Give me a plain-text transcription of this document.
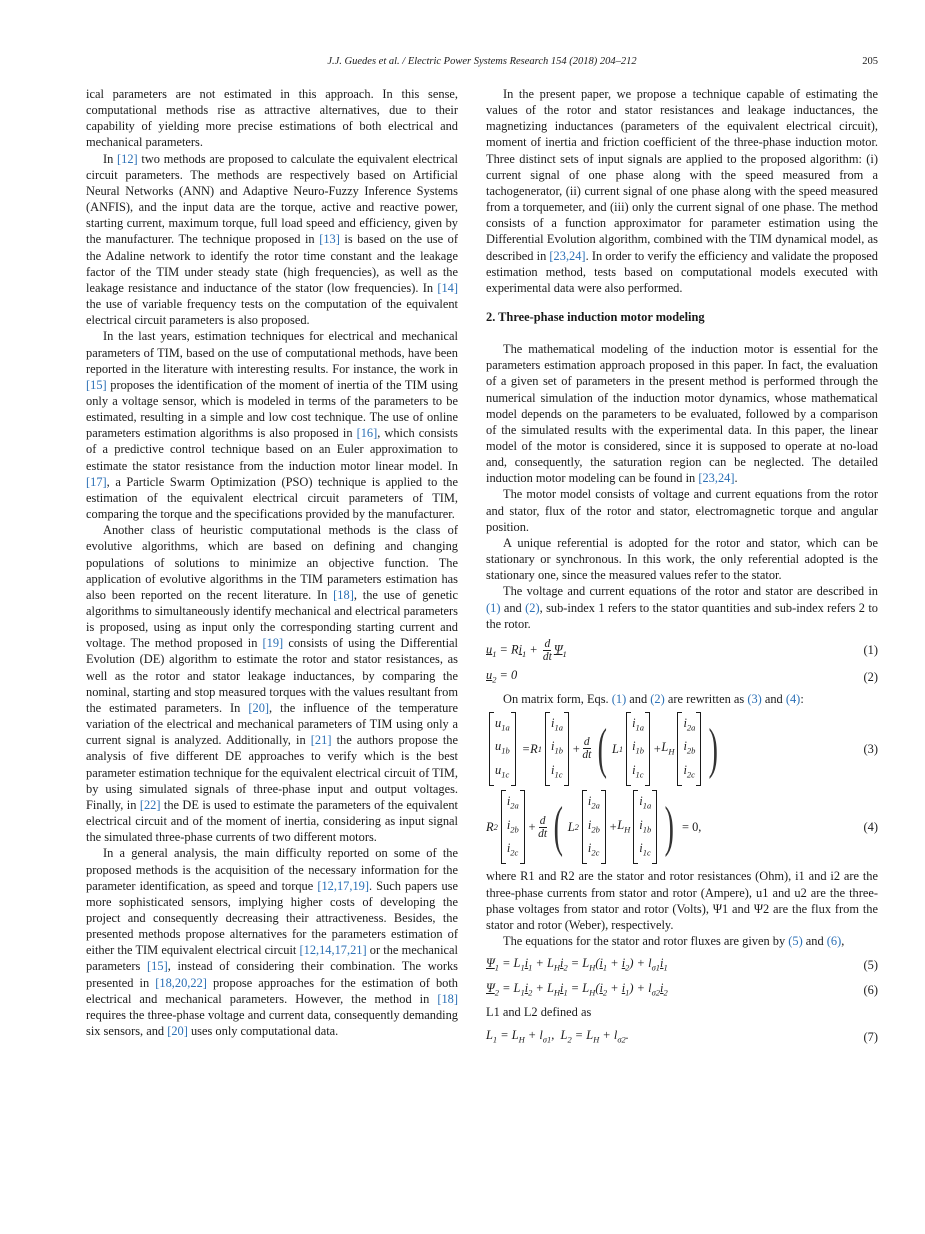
J.J. Guedes et al. / Electric Power Systems Research 154 (2018) 204–212	205

ical parameters are not estimated in this approach. In this sense, computational methods rise as attractive alternatives, due to their capability of yielding more precise estimations of both electrical and mechanical parameters.

In [12] two methods are proposed to calculate the equivalent electrical circuit parameters. The methods are respectively based on Artificial Neural Networks (ANN) and Adaptive Neuro-Fuzzy Inference Systems (ANFIS), and the input data are the torque, active and reactive power, starting current, maximum torque, full load speed and efficiency, given by the manufacturer. The technique proposed in [13] is based on the use of the Adaline network to identify the rotor time constant and the leakage factor of the TIM under steady state (high frequencies), as well as the leakage resistance and inductance of the stator (low frequencies). In [14] the use of variable frequency tests on the computation of the equivalent electrical circuit parameters is also proposed.

In the last years, estimation techniques for electrical and mechanical parameters of TIM, based on the use of computational methods, have been reported in the literature with interesting results. For instance, the work in [15] proposes the identification of the moment of inertia of the TIM using only a voltage sensor, which is modeled in terms of the parameters to be estimated, resulting in a simple and low cost technique. The use of online parameters estimation algorithms is also proposed in [16], which consists of a predictive control technique based on an Euler approximation to estimate the stator resistance from the induction motor linear model. In [17], a Particle Swarm Optimization (PSO) technique is applied to the estimation of the equivalent electrical circuit parameters of TIM, comparing the torque and the specifications provided by the manufacturer.

Another class of heuristic computational methods is the class of evolutive algorithms, which are based on defining and changing populations of solutions to minimize an objective function. The application of evolutive algorithms in the TIM parameters estimation has also been reported on the recent literature. In [18], the use of genetic algorithms to simultaneously identify mechanical and electrical parameters is proposed, using as input only the corresponding starting current and voltage. The method proposed in [19] consists of using the Differential Evolution (DE) algorithm to estimate the rotor and stator resistances, as well as the rotor and stator leakage inductances, by comparing the nominal, starting and stop measured torques with the values resultant from the estimated parameters. In [20], the influence of the temperature variation of the electrical and mechanical parameters of TIM using only a current signal is analyzed. Additionally, in [21] the authors propose the analysis of five different DE approaches to verify which is the best parameter estimation technique for the equivalent electrical circuit of TIM, by using simulated signals of three-phase input and output voltages. Finally, in [22] the DE is used to estimate the parameters of the equivalent electrical circuit and of the moment of inertia, considering as input signal the simulated three-phase currents of two different motors.

In a general analysis, the main difficulty reported on some of the proposed methods is the acquisition of the necessary information for the parameter identification, as speed and torque [12,17,19]. Such papers use more sophisticated sensors, implying higher costs of developing the project and consequently decreasing their attractiveness. Besides, the presented methods propose alternatives for the parameters estimation of either the TIM equivalent electrical circuit [12,14,17,21] or the mechanical parameters [15], instead of considering their combination. The works presented in [18,20,22] propose approaches for the estimation of both electrical and mechanical parameters. However, the method in [18] requires the three-phase voltage and current data, consequently demanding six sensors, and [20] uses only computational data.

In the present paper, we propose a technique capable of estimating the values of the rotor and stator resistances and leakage inductances, the magnetizing inductances (parameters of the equivalent electrical circuit), moment of inertia and friction coefficient of the three-phase induction motor. Three distinct sets of input signals are applied to the proposed algorithm: (i) current signal of one phase along with the speed measured from a tachogenerator, (ii) current signal of one phase along with the speed measured from a torquemeter, and (iii) only the current signal of one phase. The method consists of a function approximator for parameter estimation using the Differential Evolution algorithm, combined with the TIM dynamical model, as described in [23,24]. In order to verify the efficiency and validate the proposed estimation method, tests based on computational models executed with experimental data were also performed.

2. Three-phase induction motor modeling

The mathematical modeling of the induction motor is essential for the parameters estimation approach proposed in this paper. In fact, the evaluation of a given set of parameters in the present method is performed through the numerical simulation of the induction motor dynamics, whose mathematical model depends on the parameters to be evaluated, followed by a comparison of the simulated results with the experimental data. In this paper, the linear model of the motor is considered, since it is supposed to operate at no-load and, consequently, the saturation region can be neglected. The detailed induction motor modeling can be found in [23,24].

The motor model consists of voltage and current equations from the rotor and stator, flux of the rotor and stator, electromagnetic torque and angular position.

A unique referential is adopted for the rotor and stator, which can be stationary or synchronous. In this work, the only referential adopted is the stationary one, since the measured values refer to the stator.

The voltage and current equations of the rotor and stator are described in (1) and (2), sub-index 1 refers to the stator quantities and sub-index refers 2 to the rotor.

$u_1 = Ri_1 + \frac{d}{dt} \Psi_1$	(1)
$u_2 = 0$	(2)

On matrix form, Eqs. (1) and (2) are rewritten as (3) and (4):

$u_{1a}$
$u_{1b}$
$u_{1c}$
= R 1
$i_{1a}$
$i_{1b}$
$i_{1c}$
+ $\frac{d}{dt}$ ( L 1
$i_{1a}$
$i_{1b}$
$i_{1c}$
+ $L_H$
$i_{2a}$
$i_{2b}$
$i_{2c}$ )	(3)
R 2
$i_{2a}$
$i_{2b}$
$i_{2c}$
+ $\frac{d}{dt}$ ( L 2
$i_{2a}$
$i_{2b}$
$i_{2c}$
+ $L_H$
$i_{1a}$
$i_{1b}$
$i_{1c}$ ) = 0,	(4)

where R1 and R2 are the stator and rotor resistances (Ohm), i1 and i2 are the three-phase currents from stator and rotor (Ampere), u1 and u2 are the three-phase voltages from stator and rotor (Volts), Ψ1 and Ψ2 are the flux from the stator and rotor (Weber), respectively.

The equations for the stator and rotor fluxes are given by (5) and (6),

$\Psi_1 = L_1i_1 + L_Hi_2 = L_H(i_1 + i_2) + l_{\sigma 1}i_1$	(5)
$\Psi_2 = L_1i_2 + L_Hi_1 = L_H(i_2 + i_1) + l_{\sigma 2}i_2$	(6)

L1 and L2 defined as

$L_1 = L_H + l_{\sigma 1}$,  $L_2 = L_H + l_{\sigma 2}$.	(7)
